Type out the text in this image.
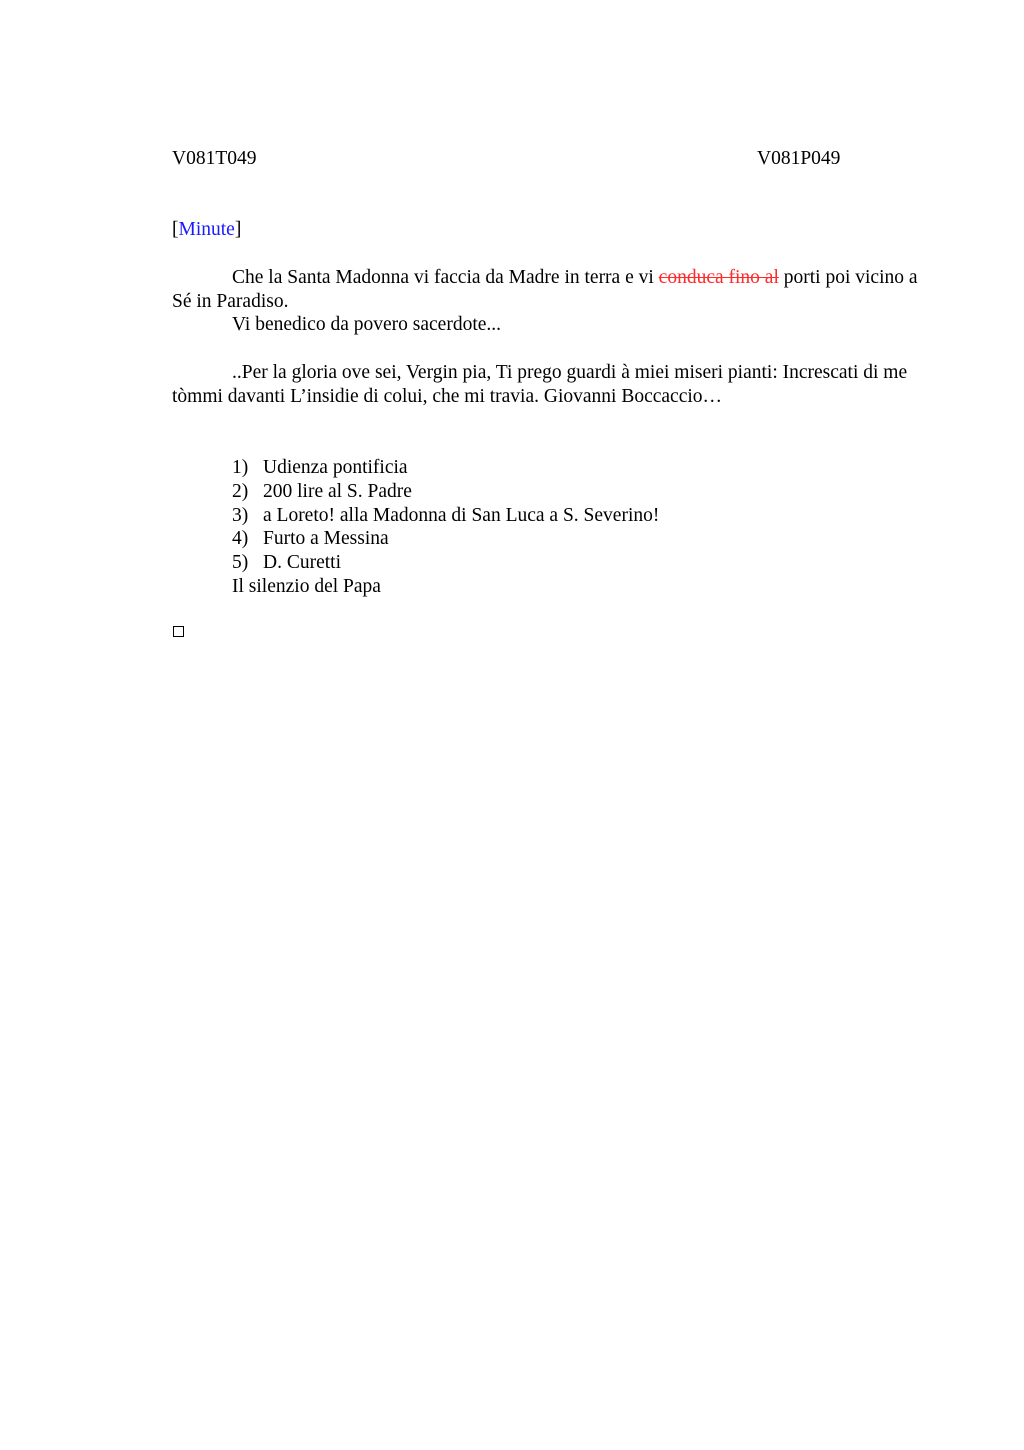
V081T049	V081P049
[Minute]

Che la Santa Madonna vi faccia da Madre in terra e vi conduca fino al porti poi vicino a Sé in Paradiso.

Vi benedico da povero sacerdote...

..Per la gloria ove sei, Vergin pia, Ti prego guardi à miei miseri pianti: Increscati di me tòmmi davanti L’insidie di colui, che mi travia. Giovanni Boccaccio…

1) Udienza pontificia
2) 200 lire al S. Padre
3) a Loreto! alla Madonna di San Luca a S. Severino!
4) Furto a Messina
5) D. Curetti
Il silenzio del Papa
